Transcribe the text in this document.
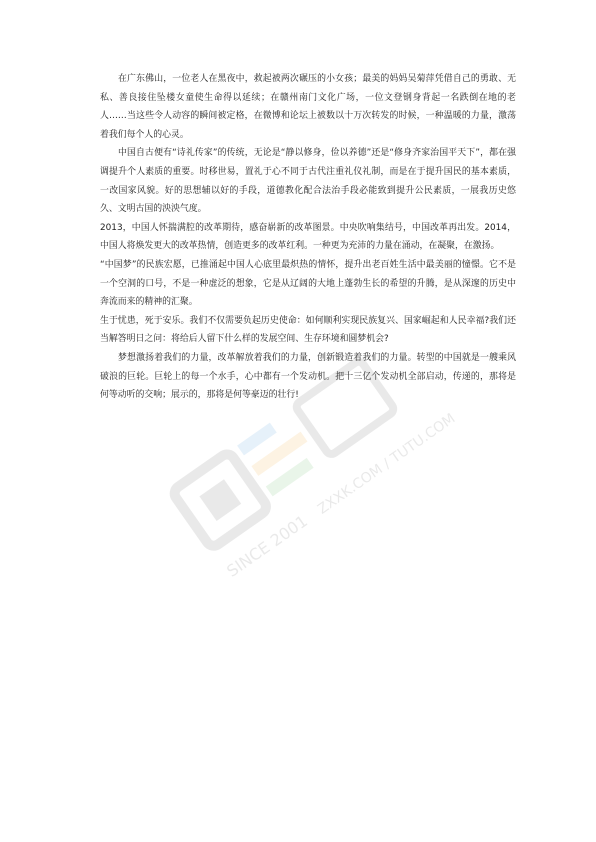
在广东佛山，一位老人在黑夜中，救起被两次碾压的小女孩；最美的妈妈吴菊萍凭借自己的勇敢、无私、善良接住坠楼女童使生命得以延续；在赣州南门文化广场，一位文登钢身背起一名跌倒在地的老人……当这些令人动容的瞬间被定格，在微博和论坛上被数以十万次转发的时候，一种温暖的力量，激荡着我们每个人的心灵。

中国自古便有“诗礼传家”的传统，无论是“静以修身，俭以养德”还是“修身齐家治国平天下”，都在强调提升个人素质的重要。时移世易，置礼于心不同于古代注重礼仪礼制，而是在于提升国民的基本素质，一改国家风貌。好的思想辅以好的手段，道德教化配合法治手段必能致到提升公民素质，一展我历史悠久、文明古国的泱泱气度。

2013，中国人怀揣满腔的改革期待，感奋崭新的改革图景。中央吹响集结号，中国改革再出发。2014，中国人将焕发更大的改革热情，创造更多的改革红利。一种更为充沛的力量在涌动，在凝聚，在激扬。

“中国梦”的民族宏愿，已推涌起中国人心底里最炽热的情怀，提升出老百姓生活中最美丽的憧憬。它不是一个空洞的口号，不是一种虚泛的想象，它是从辽阔的大地上蓬勃生长的希望的升腾，是从深邃的历史中奔流而来的精神的汇聚。

生于忧患，死于安乐。我们不仅需要负起历史使命：如何顺利实现民族复兴、国家崛起和人民幸福?我们还当解答明日之问：将给后人留下什么样的发展空间、生存环境和圆梦机会?

梦想激扬着我们的力量，改革解放着我们的力量，创新锻造着我们的力量。转型的中国就是一艘乘风破浪的巨轮。巨轮上的每一个水手，心中都有一个发动机。把十三亿个发动机全部启动，传递的，那将是何等动听的交响；展示的，那将是何等豪迈的壮行!

SINCE 2001
ZXXK.COM / TUTU.COM
